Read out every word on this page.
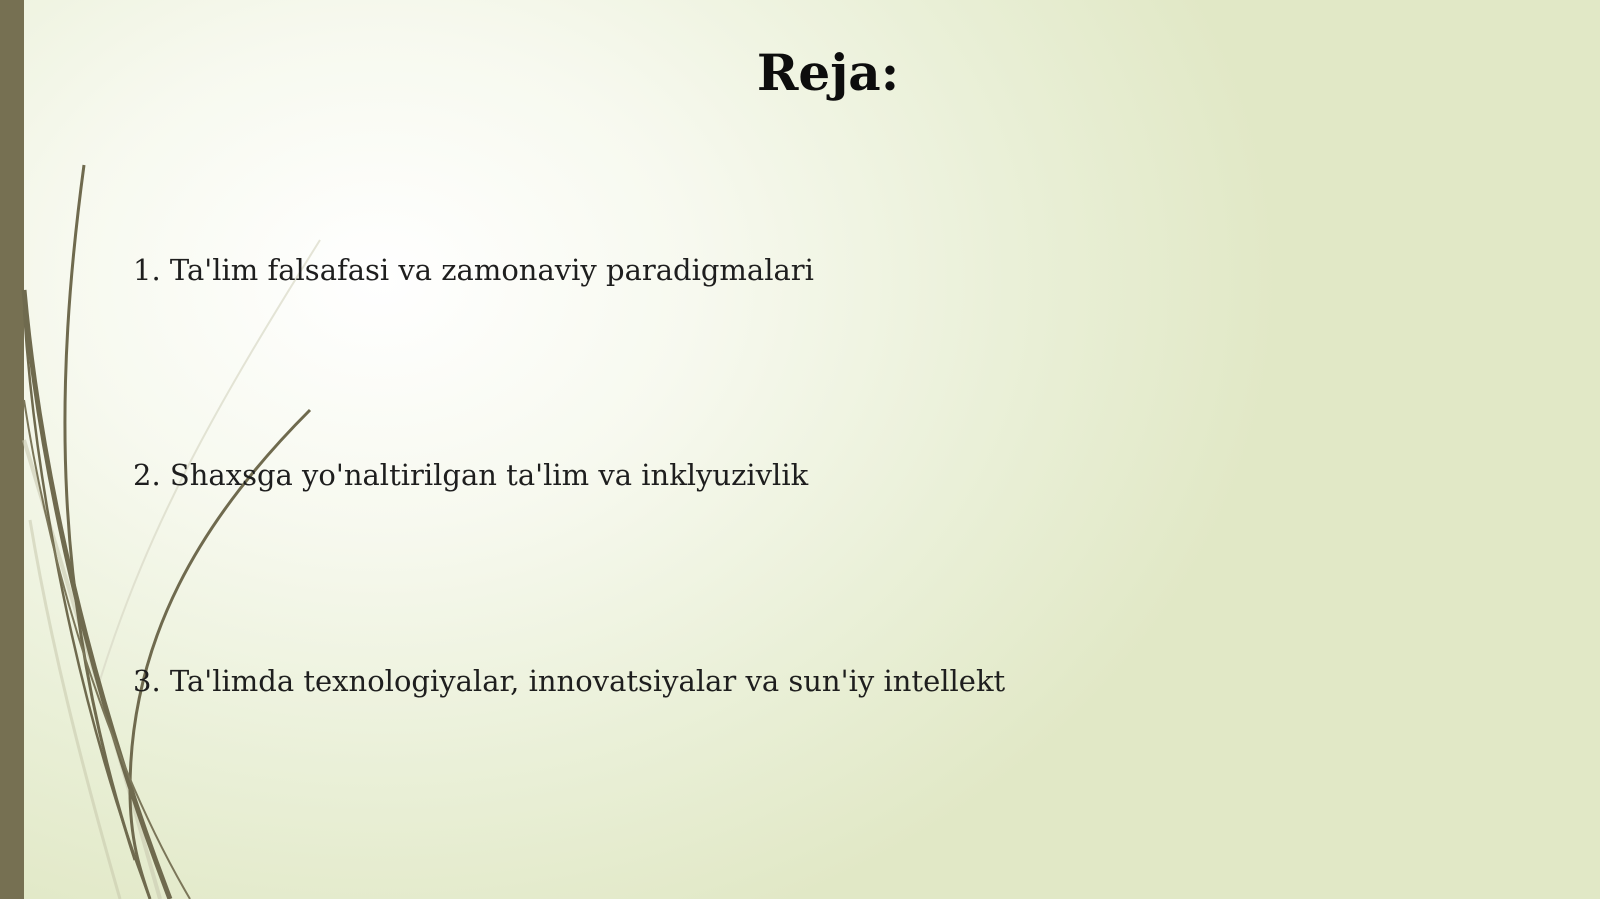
Reja:
1. Ta'lim falsafasi va zamonaviy paradigmalari
2. Shaxsga yo'naltirilgan ta'lim va inklyuzivlik
3. Ta'limda texnologiyalar, innovatsiyalar va sun'iy intellekt
